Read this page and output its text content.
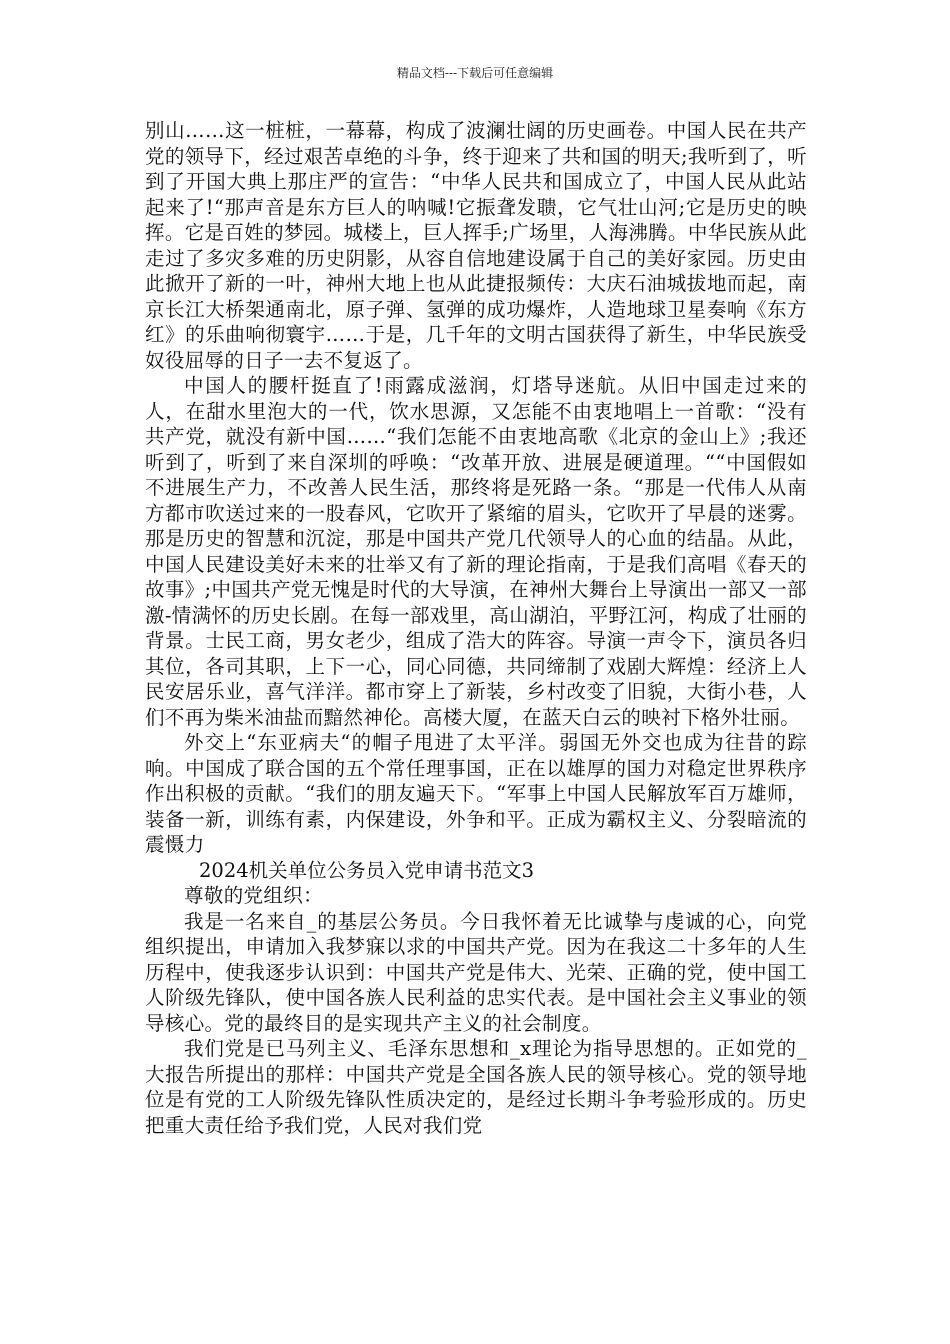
精品文档---下载后可任意编辑

别山……这一桩桩，一幕幕，构成了波澜壮阔的历史画卷。中国人民在共产党的领导下，经过艰苦卓绝的斗争，终于迎来了共和国的明天;我听到了，听到了开国大典上那庄严的宣告：“中华人民共和国成立了，中国人民从此站起来了!“那声音是东方巨人的呐喊!它振聋发聩，它气壮山河;它是历史的映挥。它是百姓的梦园。城楼上，巨人挥手;广场里，人海沸腾。中华民族从此走过了多灾多难的历史阴影，从容自信地建设属于自己的美好家园。历史由此掀开了新的一叶，神州大地上也从此捷报频传：大庆石油城拔地而起，南京长江大桥架通南北，原子弹、氢弹的成功爆炸，人造地球卫星奏响《东方红》的乐曲响彻寰宇……于是，几千年的文明古国获得了新生，中华民族受奴役屈辱的日子一去不复返了。

中国人的腰杆挺直了!雨露成滋润，灯塔导迷航。从旧中国走过来的人，在甜水里泡大的一代，饮水思源，又怎能不由衷地唱上一首歌：“没有共产党，就没有新中国……“我们怎能不由衷地高歌《北京的金山上》;我还听到了，听到了来自深圳的呼唤：“改革开放、进展是硬道理。““中国假如不进展生产力，不改善人民生活，那终将是死路一条。“那是一代伟人从南方都市吹送过来的一股春风，它吹开了紧缩的眉头，它吹开了早晨的迷雾。那是历史的智慧和沉淀，那是中国共产党几代领导人的心血的结晶。从此，中国人民建设美好未来的壮举又有了新的理论指南，于是我们高唱《春天的故事》;中国共产党无愧是时代的大导演，在神州大舞台上导演出一部又一部激-情满怀的历史长剧。在每一部戏里，高山湖泊，平野江河，构成了壮丽的背景。士民工商，男女老少，组成了浩大的阵容。导演一声令下，演员各归其位，各司其职，上下一心，同心同德，共同缔制了戏剧大辉煌：经济上人民安居乐业，喜气洋洋。都市穿上了新装，乡村改变了旧貌，大街小巷，人们不再为柴米油盐而黯然神伦。高楼大厦，在蓝天白云的映衬下格外壮丽。

外交上“东亚病夫“的帽子甩进了太平洋。弱国无外交也成为往昔的踪响。中国成了联合国的五个常任理事国，正在以雄厚的国力对稳定世界秩序作出积极的贡献。“我们的朋友遍天下。“军事上中国人民解放军百万雄师，装备一新，训练有素，内保建设，外争和平。正成为霸权主义、分裂暗流的震慑力

2024机关单位公务员入党申请书范文3

尊敬的党组织：

我是一名来自_的基层公务员。今日我怀着无比诚挚与虔诚的心，向党组织提出，申请加入我梦寐以求的中国共产党。因为在我这二十多年的人生历程中，使我逐步认识到：中国共产党是伟大、光荣、正确的党，使中国工人阶级先锋队，使中国各族人民利益的忠实代表。是中国社会主义事业的领导核心。党的最终目的是实现共产主义的社会制度。

我们党是已马列主义、毛泽东思想和_x理论为指导思想的。正如党的_大报告所提出的那样：中国共产党是全国各族人民的领导核心。党的领导地位是有党的工人阶级先锋队性质决定的，是经过长期斗争考验形成的。历史把重大责任给予我们党，人民对我们党
